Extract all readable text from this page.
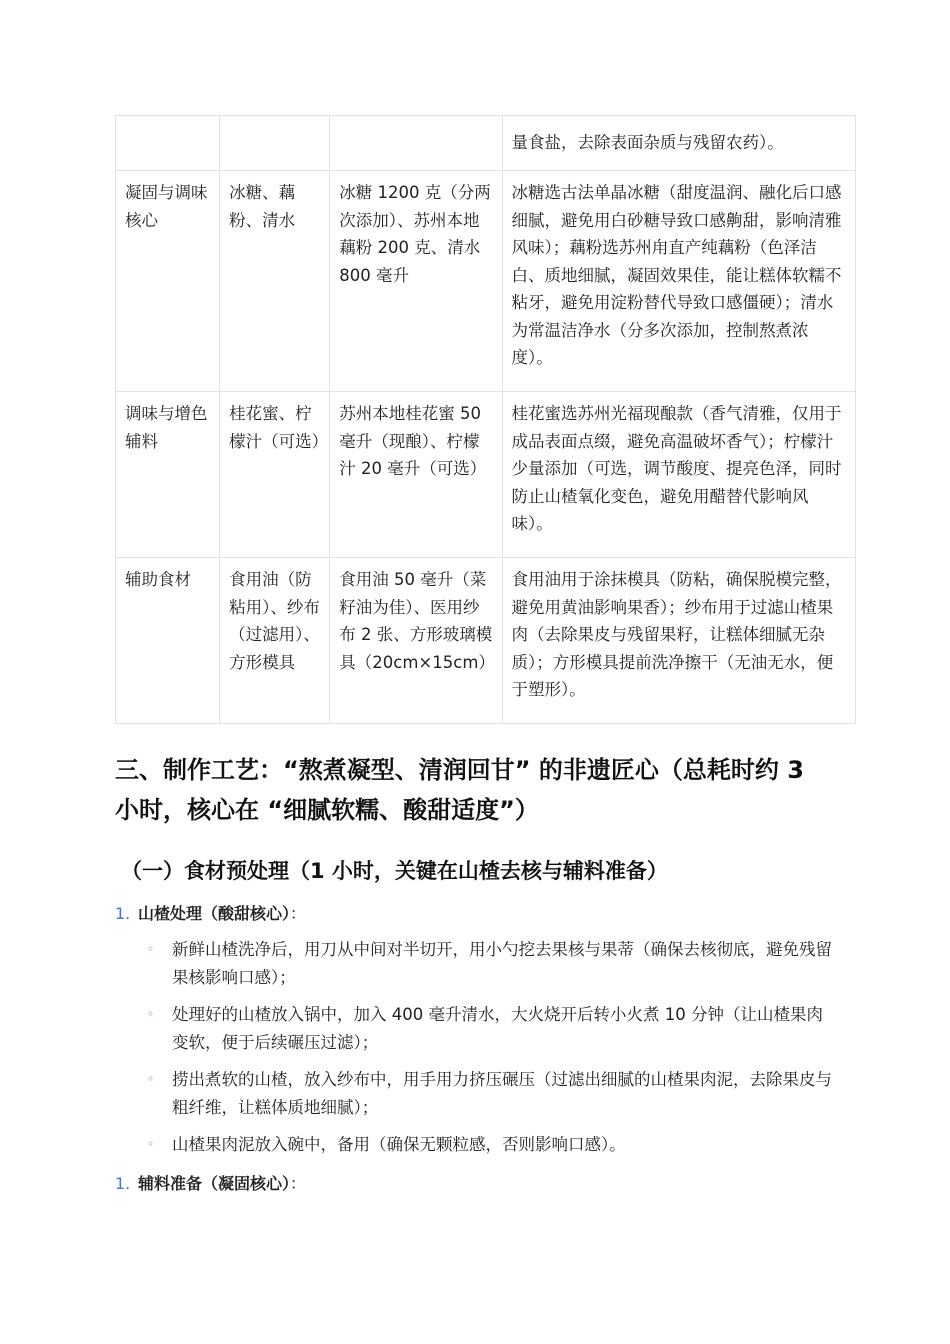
			量食盐，去除表面杂质与残留农药）。
凝固与调味核心	冰糖、藕粉、清水	冰糖 1200 克（分两次添加）、苏州本地藕粉 200 克、清水 800 毫升	冰糖选古法单晶冰糖（甜度温润、融化后口感细腻，避免用白砂糖导致口感齁甜，影响清雅风味）；藕粉选苏州甪直产纯藕粉（色泽洁白、质地细腻，凝固效果佳，能让糕体软糯不粘牙，避免用淀粉替代导致口感僵硬）；清水为常温洁净水（分多次添加，控制熬煮浓度）。
调味与增色辅料	桂花蜜、柠檬汁（可选）	苏州本地桂花蜜 50 毫升（现酿）、柠檬汁 20 毫升（可选）	桂花蜜选苏州光福现酿款（香气清雅，仅用于成品表面点缀，避免高温破坏香气）；柠檬汁少量添加（可选，调节酸度、提亮色泽，同时防止山楂氧化变色，避免用醋替代影响风味）。
辅助食材	食用油（防粘用）、纱布（过滤用）、方形模具	食用油 50 毫升（菜籽油为佳）、医用纱布 2 张、方形玻璃模具（20cm×15cm）	食用油用于涂抹模具（防粘，确保脱模完整，避免用黄油影响果香）；纱布用于过滤山楂果肉（去除果皮与残留果籽，让糕体细腻无杂质）；方形模具提前洗净擦干（无油无水，便于塑形）。
三、制作工艺：“熬煮凝型、清润回甘” 的非遗匠心（总耗时约 3 小时，核心在 “细腻软糯、酸甜适度”）
（一）食材预处理（1 小时，关键在山楂去核与辅料准备）
1. 山楂处理（酸甜核心）：
◦ 新鲜山楂洗净后，用刀从中间对半切开，用小勺挖去果核与果蒂（确保去核彻底，避免残留果核影响口感）；
◦ 处理好的山楂放入锅中，加入 400 毫升清水，大火烧开后转小火煮 10 分钟（让山楂果肉变软，便于后续碾压过滤）；
◦ 捞出煮软的山楂，放入纱布中，用手用力挤压碾压（过滤出细腻的山楂果肉泥，去除果皮与粗纤维，让糕体质地细腻）；
◦ 山楂果肉泥放入碗中，备用（确保无颗粒感，否则影响口感）。
1. 辅料准备（凝固核心）：
